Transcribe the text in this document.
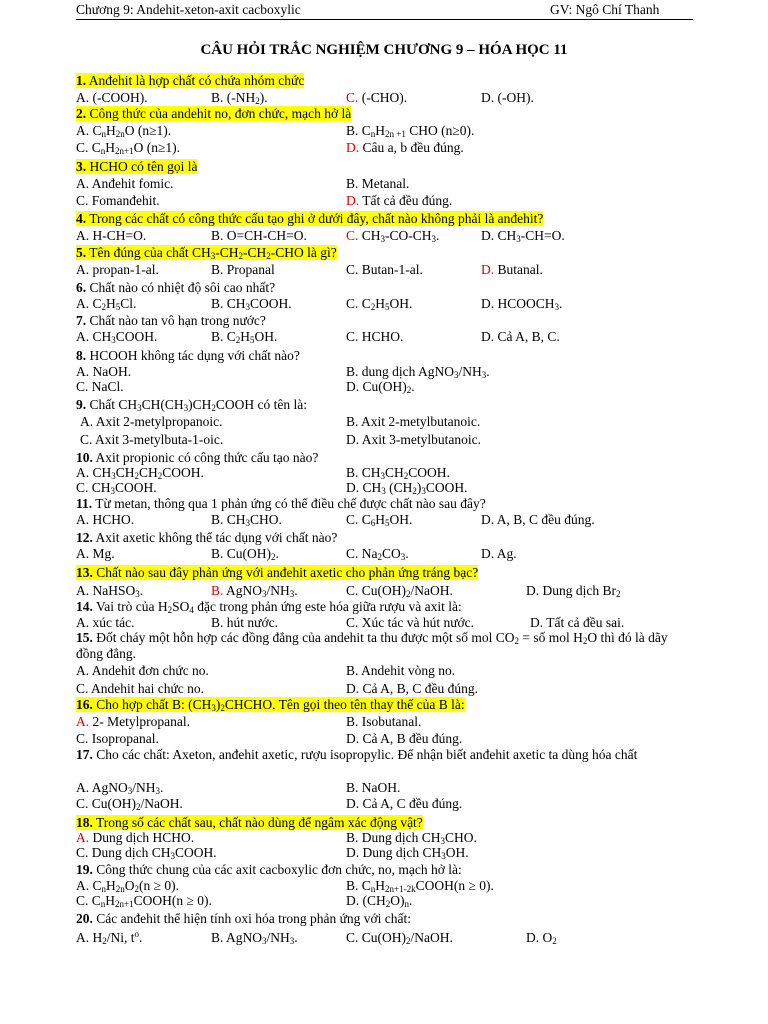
Chương 9: Andehit-xeton-axit cacboxylic	GV: Ngô Chí Thanh
CÂU HỎI TRẮC NGHIỆM CHƯƠNG 9 – HÓA HỌC 11
1. Anđehit là hợp chất có chứa nhóm chức
A. (-COOH).	B. $(-NH_2)$.	C. (-CHO).	D. (-OH).
2. Công thức của andehit no, đơn chức, mạch hở là
A. $C_nH_{2n}O$ (n≥1).	B. $C_nH_{2n +1}$ CHO (n≥0).
C. $C_nH_{2n+1}O$ (n≥1).	D. Câu a, b đều đúng.
3. HCHO có tên gọi là
A. Anđehit fomic.	B. Metanal.
C. Fomanđehit.	D. Tất cả đều đúng.
4. Trong các chất có công thức cấu tạo ghi ở dưới đây, chất nào không phải là anđehit?
A. H-CH=O.	B. O=CH-CH=O.	C. $CH_3-CO-CH_3$.	D. $CH_3-CH=O$.
5. Tên đúng của chất $CH_3-CH_2-CH_2$-CHO là gì?
A. propan-1-al.	B. Propanal	C. Butan-1-al.	D. Butanal.
6. Chất nào có nhiệt độ sôi cao nhất?
A. $C_2H_5Cl$.	B. $CH_3COOH$.	C. $C_2H_5OH$.	D. $HCOOCH_3$.
7. Chất nào tan vô hạn trong nước?
A. $CH_3COOH$.	B. $C_2H_5OH$.	C. HCHO.	D. Cả A, B, C.
8. HCOOH không tác dụng với chất nào?
A. NaOH.	B. dung dịch $AgNO_3/NH_3$.
C. NaCl.	D. $Cu(OH)_2$.
9. Chất $CH_3CH(CH_3)CH_2COOH$ có tên là:
A. Axit 2-metylpropanoic.	B. Axit 2-metylbutanoic.
C. Axit 3-metylbuta-1-oic.	D. Axit 3-metylbutanoic.
10. Axit propionic có công thức cấu tạo nào?
A. $CH_3CH_2CH_2COOH$.	B. $CH_3CH_2COOH$.
C. $CH_3COOH$.	D. $CH_3$ $(CH_2)_3COOH$.
11. Từ metan, thông qua 1 phản ứng có thể điều chế được chất nào sau đây?
A. HCHO.	B. $CH_3CHO$.	C. $C_6H_5OH$.	D. A, B, C đều đúng.
12. Axit axetic không thể tác dụng với chất nào?
A. Mg.	B. $Cu(OH)_2$.	C. $Na_2CO_3$.	D. Ag.
13. Chất nào sau đây phản ứng với anđehit axetic cho phản ứng tráng bạc?
A. NaHSO$_3$.	B. $AgNO_3/NH_3$.	C. $Cu(OH)_2$/NaOH.	D. Dung dịch $Br_2$
14. Vai trò của $H_2SO_4$ đặc trong phản ứng este hóa giữa rượu và axit là:
A. xúc tác.	B. hút nước.	C. Xúc tác và hút nước.	D. Tất cả đều sai.
15. Đốt cháy một hỗn hợp các đồng đẳng của andehit ta thu được một số mol $CO_2$ = số mol $H_2O$ thì đó là dãy đồng đẳng.
A. Andehit đơn chức no.	B. Andehit vòng no.
C. Andehit hai chức no.	D. Cả A, B, C đều đúng.
16. Cho hợp chất B: $(CH_3)_2CHCHO$. Tên gọi theo tên thay thế của B là:
A. 2- Metylpropanal.	B. Isobutanal.
C. Isopropanal.	D. Cả A, B đều đúng.
17. Cho các chất: Axeton, anđehit axetic, rượu isopropylic. Để nhận biết anđehit axetic ta dùng hóa chất
A. $AgNO_3/NH_3$.	B. NaOH.
C. $Cu(OH)_2$/NaOH.	D. Cả A, C đều đúng.
18. Trong số các chất sau, chất nào dùng để ngâm xác động vật?
A. Dung dịch HCHO.	B. Dung dịch $CH_3CHO$.
C. Dung dịch $CH_3COOH$.	D. Dung dịch $CH_3OH$.
19. Công thức chung của các axit cacboxylic đơn chức, no, mạch hở là:
A. $C_nH_{2n}O_2(n \ge 0)$.	B. $C_nH_{2n+1-2k}COOH(n \ge 0)$.
C. $C_nH_{2n+1}COOH(n \ge 0)$.	D. $(CH_2O)_n$.
20. Các anđehit thể hiện tính oxi hóa trong phản ứng với chất:
A. $H_2/Ni$, $t^o$.	B. $AgNO_3/NH_3$.	C. $Cu(OH)_2$/NaOH.	D. $O_2$
